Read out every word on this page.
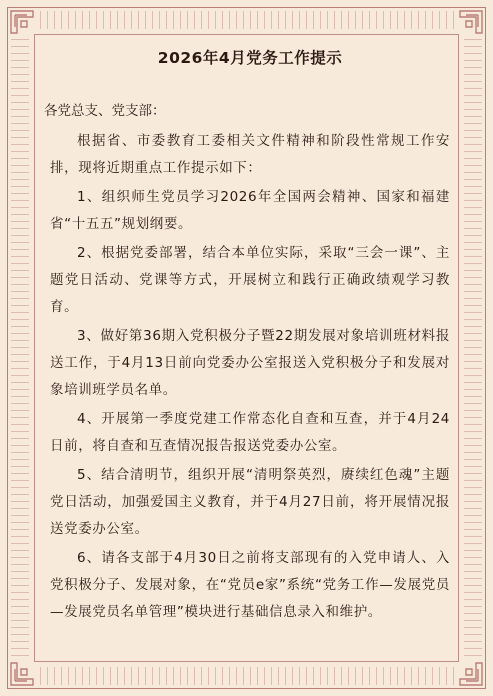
2026年4月党务工作提示

各党总支、党支部：

根据省、市委教育工委相关文件精神和阶段性常规工作安排，现将近期重点工作提示如下：

1、组织师生党员学习2026年全国两会精神、国家和福建省“十五五”规划纲要。

2、根据党委部署，结合本单位实际，采取“三会一课”、主题党日活动、党课等方式，开展树立和践行正确政绩观学习教育。

3、做好第36期入党积极分子暨22期发展对象培训班材料报送工作，于4月13日前向党委办公室报送入党积极分子和发展对象培训班学员名单。

4、开展第一季度党建工作常态化自查和互查，并于4月24日前，将自查和互查情况报告报送党委办公室。

5、结合清明节，组织开展“清明祭英烈，赓续红色魂”主题党日活动，加强爱国主义教育，并于4月27日前，将开展情况报送党委办公室。

6、请各支部于4月30日之前将支部现有的入党申请人、入党积极分子、发展对象，在“党员e家”系统“党务工作—发展党员—发展党员名单管理”模块进行基础信息录入和维护。
